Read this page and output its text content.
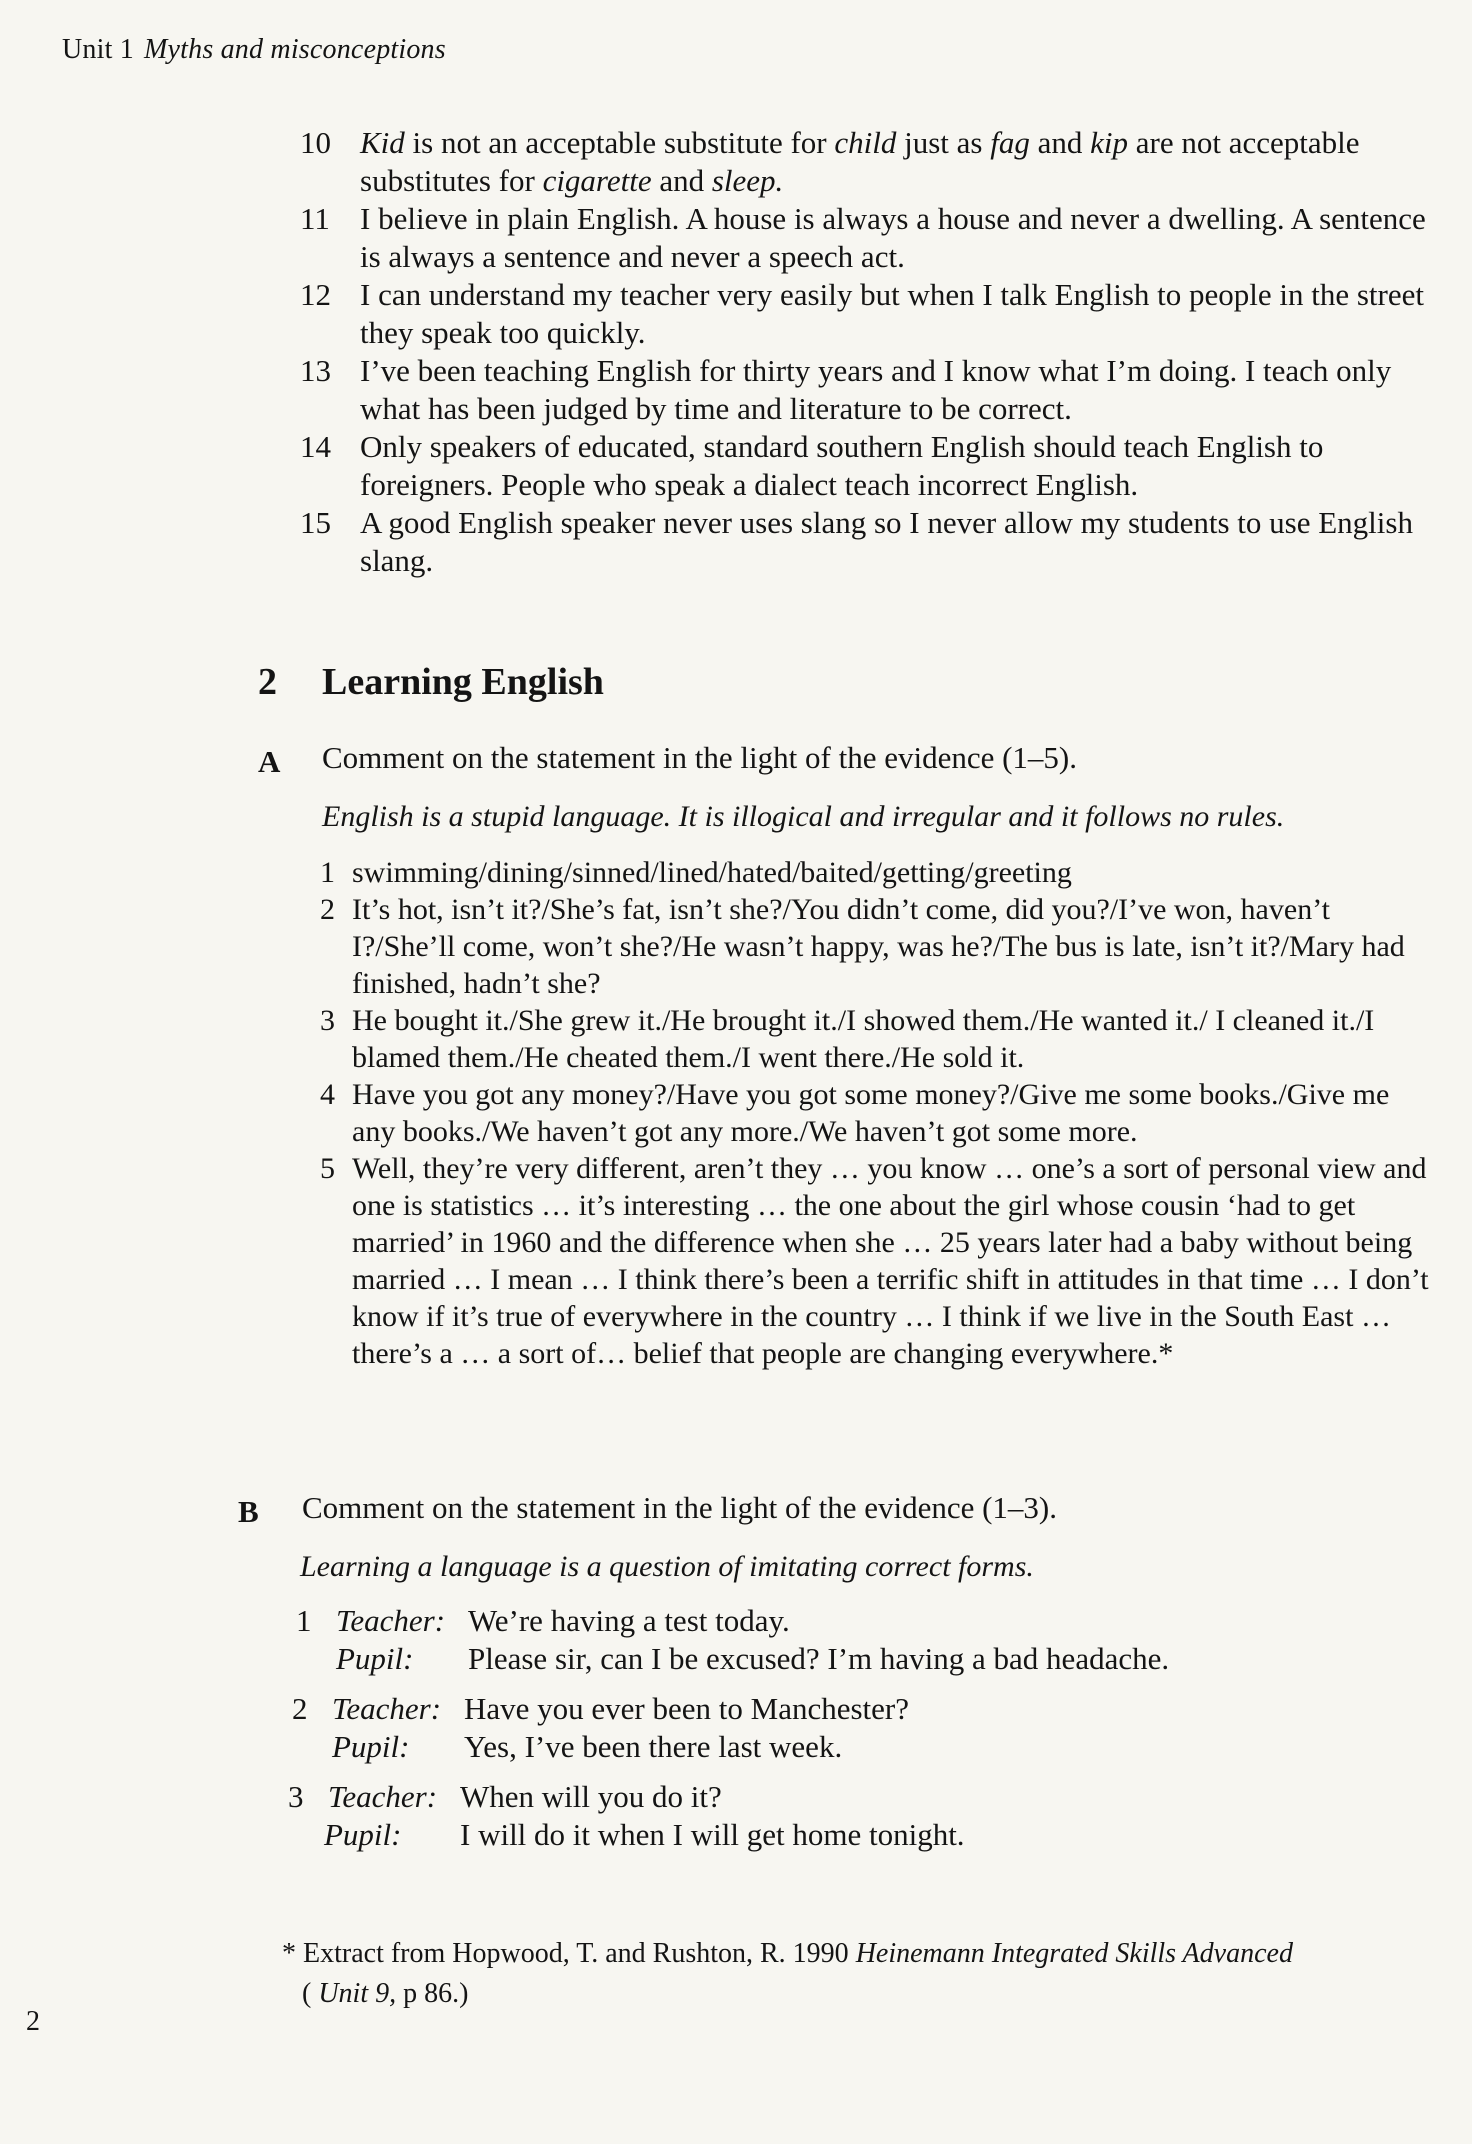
Unit 1 Myths and misconceptions
10 Kid is not an acceptable substitute for child just as fag and kip are not acceptable substitutes for cigarette and sleep.
11 I believe in plain English. A house is always a house and never a dwelling. A sentence is always a sentence and never a speech act.
12 I can understand my teacher very easily but when I talk English to people in the street they speak too quickly.
13 I’ve been teaching English for thirty years and I know what I’m doing. I teach only what has been judged by time and literature to be correct.
14 Only speakers of educated, standard southern English should teach English to foreigners. People who speak a dialect teach incorrect English.
15 A good English speaker never uses slang so I never allow my students to use English slang.
2 Learning English
A Comment on the statement in the light of the evidence (1–5).
English is a stupid language. It is illogical and irregular and it follows no rules.
1 swimming/dining/sinned/lined/hated/baited/getting/greeting
2 It’s hot, isn’t it?/She’s fat, isn’t she?/You didn’t come, did you?/I’ve won, haven’t I?/She’ll come, won’t she?/He wasn’t happy, was he?/The bus is late, isn’t it?/Mary had finished, hadn’t she?
3 He bought it./She grew it./He brought it./I showed them./He wanted it./ I cleaned it./I blamed them./He cheated them./I went there./He sold it.
4 Have you got any money?/Have you got some money?/Give me some books./Give me any books./We haven’t got any more./We haven’t got some more.
5 Well, they’re very different, aren’t they … you know … one’s a sort of personal view and one is statistics … it’s interesting … the one about the girl whose cousin ‘had to get married’ in 1960 and the difference when she … 25 years later had a baby without being married … I mean … I think there’s been a terrific shift in attitudes in that time … I don’t know if it’s true of everywhere in the country … I think if we live in the South East … there’s a … a sort of… belief that people are changing everywhere.*
B Comment on the statement in the light of the evidence (1–3).
Learning a language is a question of imitating correct forms.
1 Teacher: We’re having a test today.
Pupil: Please sir, can I be excused? I’m having a bad headache.
2 Teacher: Have you ever been to Manchester?
Pupil: Yes, I’ve been there last week.
3 Teacher: When will you do it?
Pupil: I will do it when I will get home tonight.
* Extract from Hopwood, T. and Rushton, R. 1990 Heinemann Integrated Skills Advanced
( Unit 9, p 86.)
2
